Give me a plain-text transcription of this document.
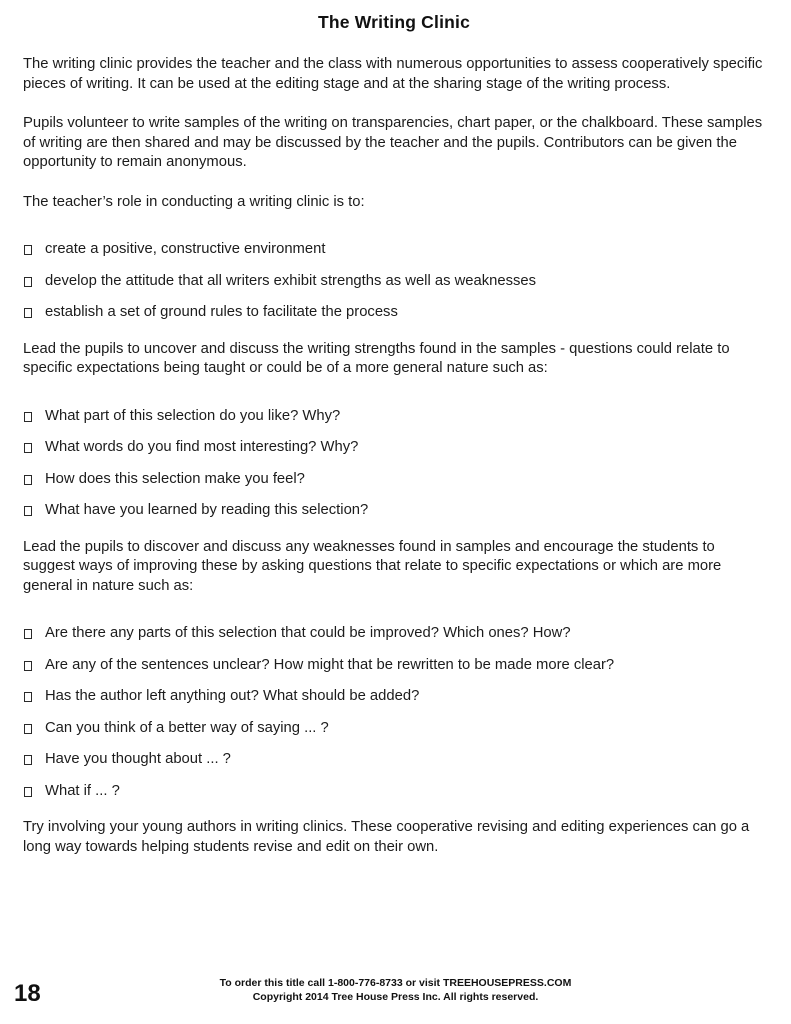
The Writing Clinic

The writing clinic provides the teacher and the class with numerous opportunities to assess cooperatively specific pieces of writing. It can be used at the editing stage and at the sharing stage of the writing process.

Pupils volunteer to write samples of the writing on transparencies, chart paper, or the chalkboard. These samples of writing are then shared and may be discussed by the teacher and the pupils. Contributors can be given the opportunity to remain anonymous.

The teacher’s role in conducting a writing clinic is to:

create a positive, constructive environment
develop the attitude that all writers exhibit strengths as well as weaknesses
establish a set of ground rules to facilitate the process

Lead the pupils to uncover and discuss the writing strengths found in the samples - questions could relate to specific expectations being taught or could be of a more general nature such as:

What part of this selection do you like? Why?
What words do you find most interesting? Why?
How does this selection make you feel?
What have you learned by reading this selection?

Lead the pupils to discover and discuss any weaknesses found in samples and encourage the students to suggest ways of improving these by asking questions that relate to specific expectations or which are more general in nature such as:

Are there any parts of this selection that could be improved? Which ones? How?
Are any of the sentences unclear? How might that be rewritten to be made more clear?
Has the author left anything out? What should be added?
Can you think of a better way of saying ... ?
Have you thought about ... ?
What if ... ?

Try involving your young authors in writing clinics. These cooperative revising and editing experiences can go a long way towards helping students revise and edit on their own.

18	To order this title call 1-800-776-8733 or visit TREEHOUSEPRESS.COM
Copyright 2014 Tree House Press Inc. All rights reserved.
